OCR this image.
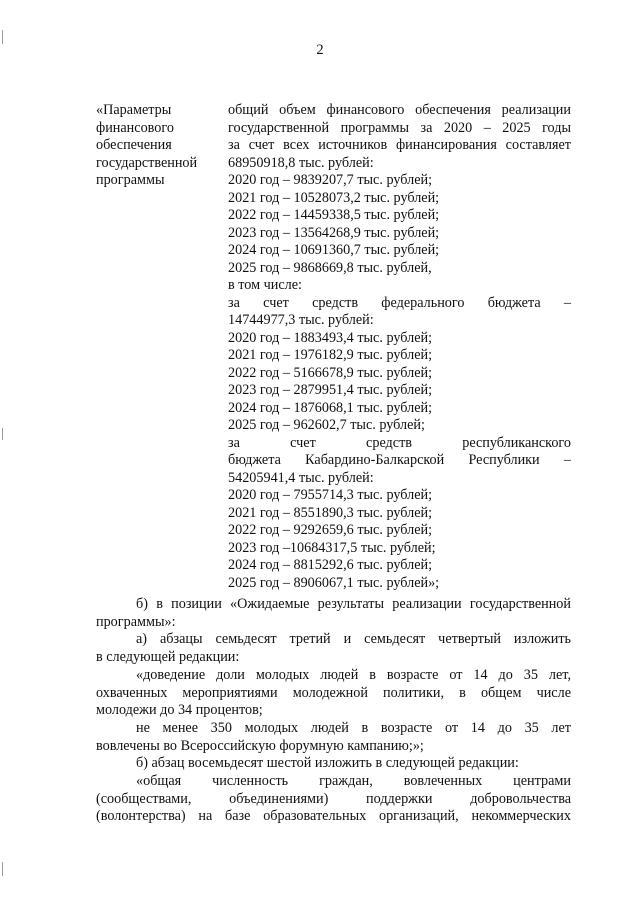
2
«Параметры
финансового
обеспечения
государственной
программы
общий объем финансового обеспечения реализации
государственной программы за 2020 – 2025 годы
за счет всех источников финансирования составляет
68950918,8 тыс. рублей:
2020 год – 9839207,7 тыс. рублей;
2021 год – 10528073,2 тыс. рублей;
2022 год – 14459338,5 тыс. рублей;
2023 год – 13564268,9 тыс. рублей;
2024 год – 10691360,7 тыс. рублей;
2025 год – 9868669,8 тыс. рублей,
в том числе:
за счет средств федерального бюджета –
14744977,3 тыс. рублей:
2020 год – 1883493,4 тыс. рублей;
2021 год – 1976182,9 тыс. рублей;
2022 год – 5166678,9 тыс. рублей;
2023 год – 2879951,4 тыс. рублей;
2024 год – 1876068,1 тыс. рублей;
2025 год – 962602,7 тыс. рублей;
за счет средств республиканского
бюджета Кабардино-Балкарской Республики –
54205941,4 тыс. рублей:
2020 год – 7955714,3 тыс. рублей;
2021 год – 8551890,3 тыс. рублей;
2022 год – 9292659,6 тыс. рублей;
2023 год –10684317,5 тыс. рублей;
2024 год – 8815292,6 тыс. рублей;
2025 год – 8906067,1 тыс. рублей»;
б) в позиции «Ожидаемые результаты реализации государственной
программы»:
а) абзацы семьдесят третий и семьдесят четвертый изложить
в следующей редакции:
«доведение доли молодых людей в возрасте от 14 до 35 лет,
охваченных мероприятиями молодежной политики, в общем числе
молодежи до 34 процентов;
не менее 350 молодых людей в возрасте от 14 до 35 лет
вовлечены во Всероссийскую форумную кампанию;»;
б) абзац восемьдесят шестой изложить в следующей редакции:
«общая численность граждан, вовлеченных центрами
(сообществами, объединениями) поддержки добровольчества
(волонтерства) на базе образовательных организаций, некоммерческих
